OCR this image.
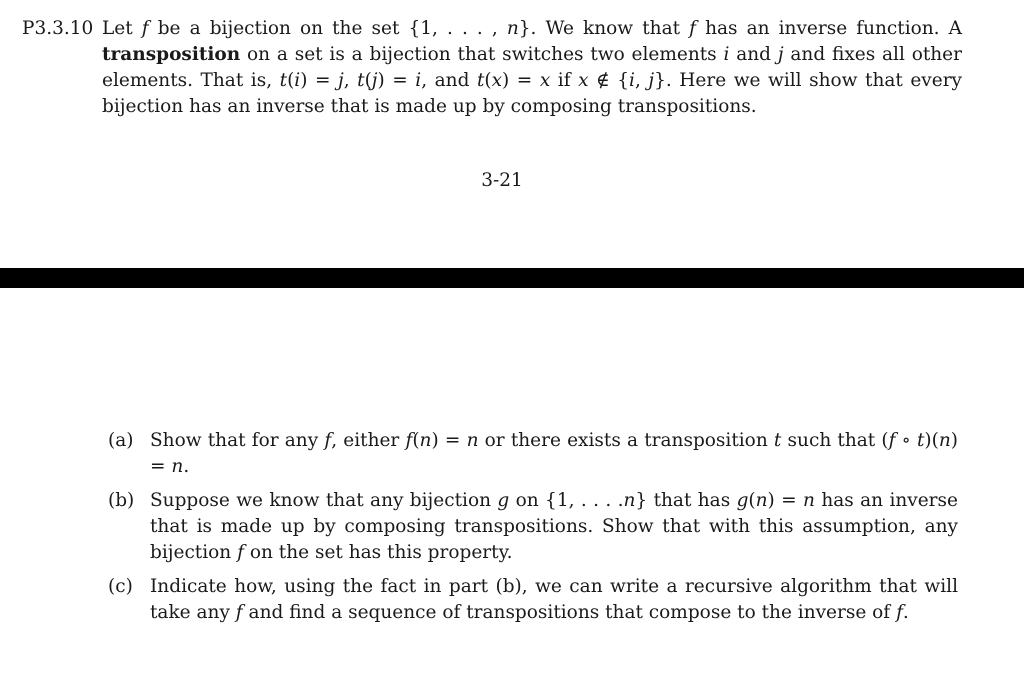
P3.3.10 Let f be a bijection on the set {1, . . . , n}. We know that f has an inverse function. A transposition on a set is a bijection that switches two elements i and j and fixes all other elements. That is, t(i) = j, t(j) = i, and t(x) = x if x ∉ {i, j}. Here we will show that every bijection has an inverse that is made up by composing transpositions.
3-21
(a) Show that for any f, either f(n) = n or there exists a transposition t such that (f ∘ t)(n) = n.
(b) Suppose we know that any bijection g on {1, . . . .n} that has g(n) = n has an inverse that is made up by composing transpositions. Show that with this assumption, any bijection f on the set has this property.
(c) Indicate how, using the fact in part (b), we can write a recursive algorithm that will take any f and find a sequence of transpositions that compose to the inverse of f.
